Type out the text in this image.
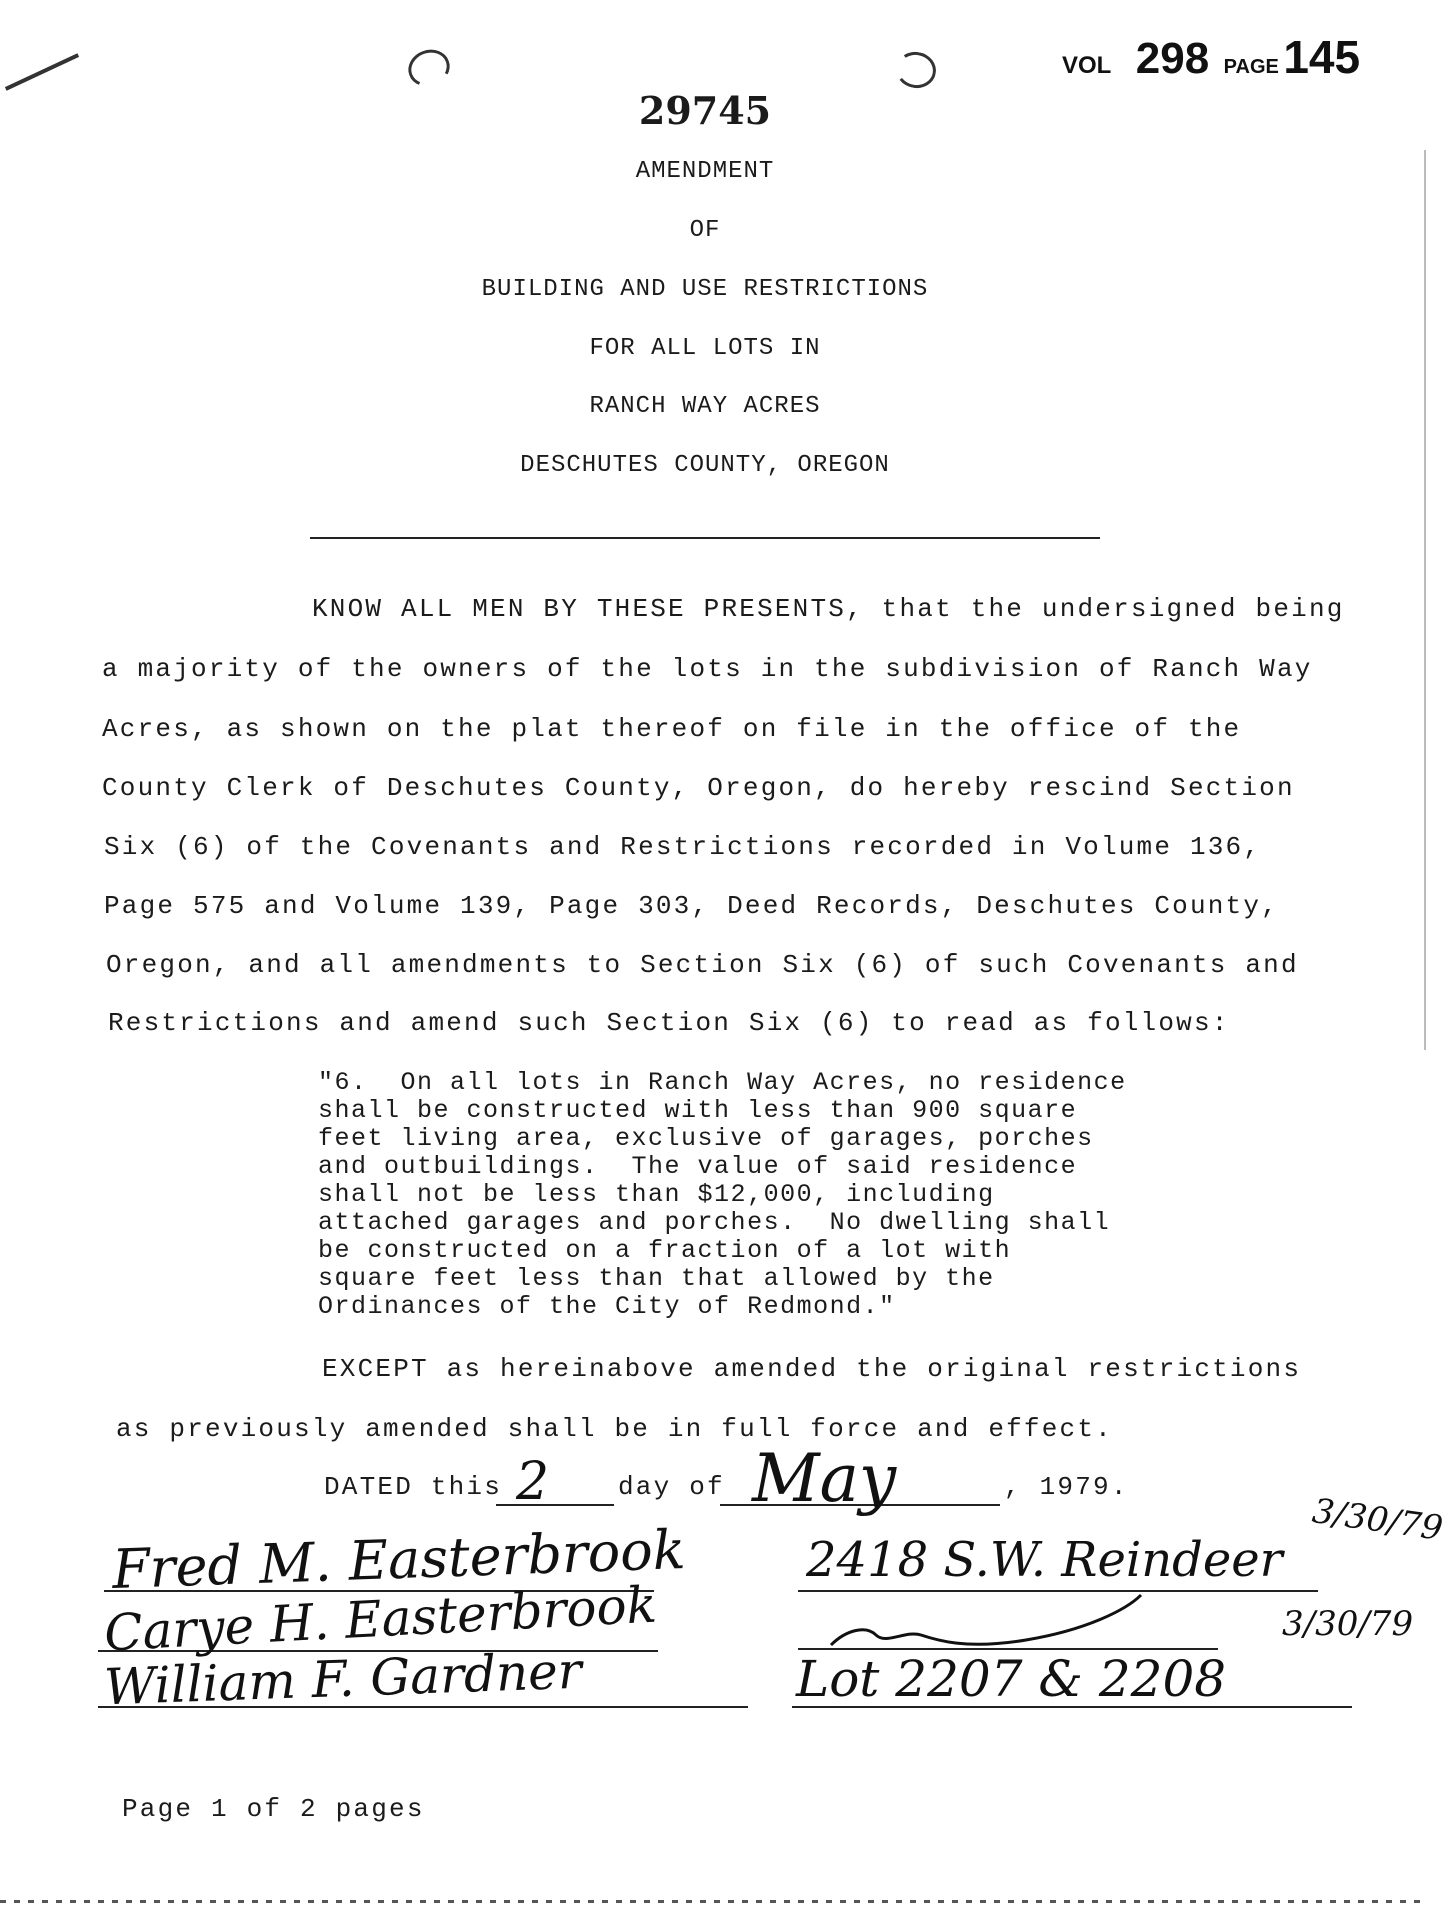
VOL 298 PAGE 145
29745
AMENDMENT
OF
BUILDING AND USE RESTRICTIONS
FOR ALL LOTS IN
RANCH WAY ACRES
DESCHUTES COUNTY, OREGON
KNOW ALL MEN BY THESE PRESENTS, that the undersigned being
a majority of the owners of the lots in the subdivision of Ranch Way
Acres, as shown on the plat thereof on file in the office of the
County Clerk of Deschutes County, Oregon, do hereby rescind Section
Six (6) of the Covenants and Restrictions recorded in Volume 136,
Page 575 and Volume 139, Page 303, Deed Records, Deschutes County,
Oregon, and all amendments to Section Six (6) of such Covenants and
Restrictions and amend such Section Six (6) to read as follows:
"6.  On all lots in Ranch Way Acres, no residence
shall be constructed with less than 900 square
feet living area, exclusive of garages, porches
and outbuildings.  The value of said residence
shall not be less than $12,000, including
attached garages and porches.  No dwelling shall
be constructed on a fraction of a lot with
square feet less than that allowed by the
Ordinances of the City of Redmond."
EXCEPT as hereinabove amended the original restrictions
as previously amended shall be in full force and effect.
DATED this 2	day of May	, 1979.
Fred M. Easterbrook
Carye H. Easterbrook
William F. Gardner
2418 S.W. Reindeer
Lot 2207 & 2208
3/30/79
3/30/79
Page 1 of 2 pages
